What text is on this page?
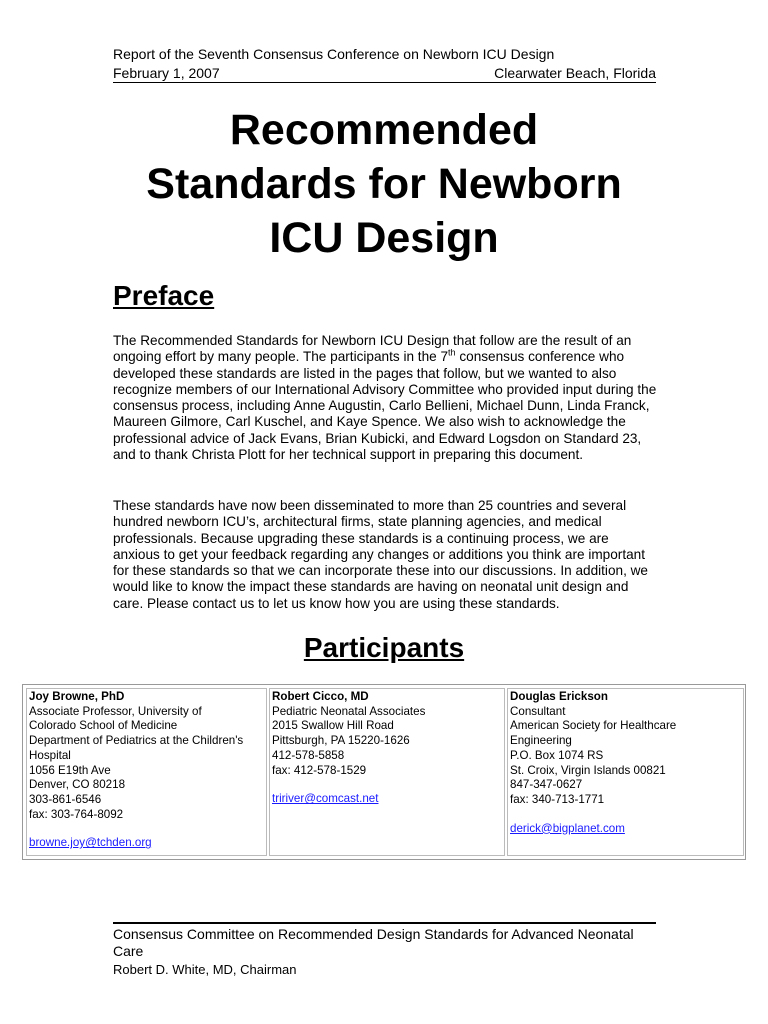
Report of the Seventh Consensus Conference on Newborn ICU Design
February 1, 2007	Clearwater Beach, Florida
Recommended
Standards for Newborn
ICU Design
Preface
The Recommended Standards for Newborn ICU Design that follow are the result of an ongoing effort by many people. The participants in the 7th consensus conference who developed these standards are listed in the pages that follow, but we wanted to also recognize members of our International Advisory Committee who provided input during the consensus process, including Anne Augustin, Carlo Bellieni, Michael Dunn, Linda Franck, Maureen Gilmore, Carl Kuschel, and Kaye Spence. We also wish to acknowledge the professional advice of Jack Evans, Brian Kubicki, and Edward Logsdon on Standard 23, and to thank Christa Plott for her technical support in preparing this document.
These standards have now been disseminated to more than 25 countries and several hundred newborn ICU’s, architectural firms, state planning agencies, and medical professionals. Because upgrading these standards is a continuing process, we are anxious to get your feedback regarding any changes or additions you think are important for these standards so that we can incorporate these into our discussions. In addition, we would like to know the impact these standards are having on neonatal unit design and care. Please contact us to let us know how you are using these standards.
Participants
Joy Browne, PhD
Associate Professor, University of
Colorado School of Medicine
Department of Pediatrics at the Children's
Hospital
1056 E19th Ave
Denver, CO 80218
303-861-6546
fax: 303-764-8092
browne.joy@tchden.org
Robert Cicco, MD
Pediatric Neonatal Associates
2015 Swallow Hill Road
Pittsburgh, PA 15220-1626
412-578-5858
fax: 412-578-1529
tririver@comcast.net
Douglas Erickson
Consultant
American Society for Healthcare
Engineering
P.O. Box 1074 RS
St. Croix, Virgin Islands 00821
847-347-0627
fax: 340-713-1771
derick@bigplanet.com
Consensus Committee on Recommended Design Standards for Advanced Neonatal Care
Robert D. White, MD, Chairman
